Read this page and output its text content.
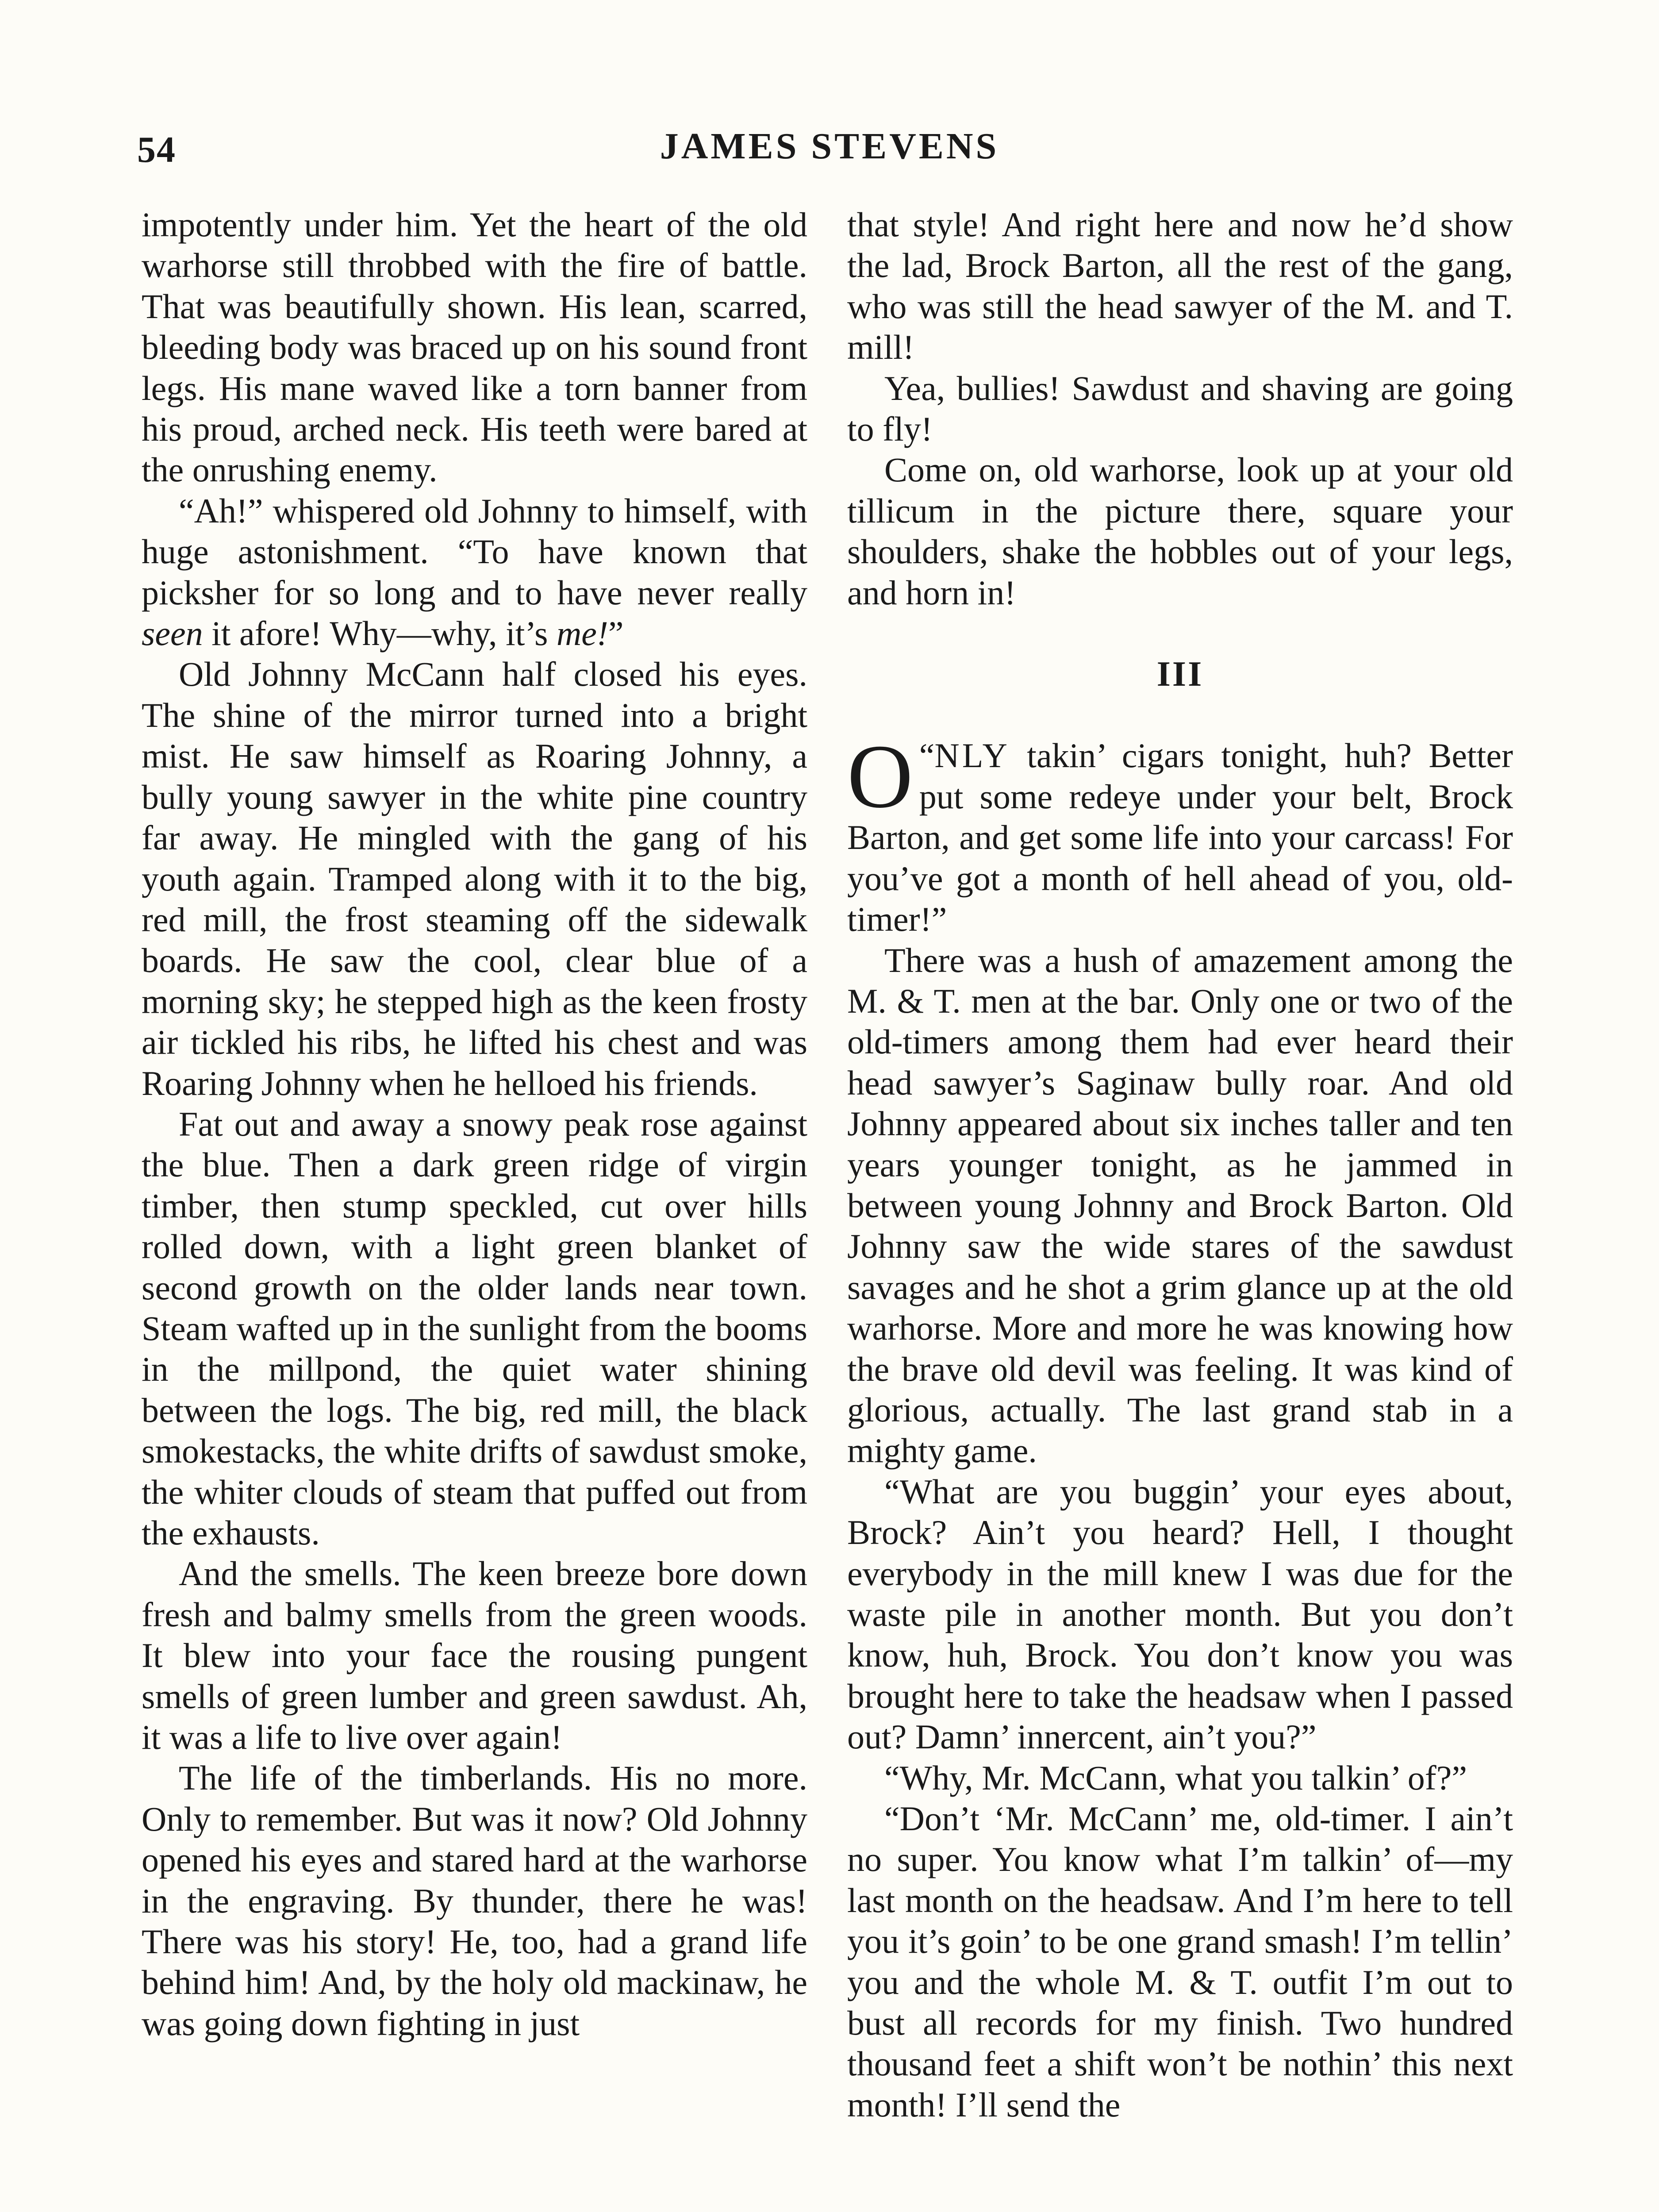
54	JAMES STEVENS

impotently under him. Yet the heart of the old warhorse still throbbed with the fire of battle. That was beautifully shown. His lean, scarred, bleeding body was braced up on his sound front legs. His mane waved like a torn banner from his proud, arched neck. His teeth were bared at the onrushing enemy.

“Ah!” whispered old Johnny to himself, with huge astonishment. “To have known that picksher for so long and to have never really seen it afore! Why—why, it’s me!”

Old Johnny McCann half closed his eyes. The shine of the mirror turned into a bright mist. He saw himself as Roaring Johnny, a bully young sawyer in the white pine country far away. He mingled with the gang of his youth again. Tramped along with it to the big, red mill, the frost steaming off the sidewalk boards. He saw the cool, clear blue of a morning sky; he stepped high as the keen frosty air tickled his ribs, he lifted his chest and was Roaring Johnny when he helloed his friends.

Fat out and away a snowy peak rose against the blue. Then a dark green ridge of virgin timber, then stump speckled, cut over hills rolled down, with a light green blanket of second growth on the older lands near town. Steam wafted up in the sunlight from the booms in the millpond, the quiet water shining between the logs. The big, red mill, the black smokestacks, the white drifts of sawdust smoke, the whiter clouds of steam that puffed out from the exhausts.

And the smells. The keen breeze bore down fresh and balmy smells from the green woods. It blew into your face the rousing pungent smells of green lumber and green sawdust. Ah, it was a life to live over again!

The life of the timberlands. His no more. Only to remember. But was it now? Old Johnny opened his eyes and stared hard at the warhorse in the engraving. By thunder, there he was! There was his story! He, too, had a grand life behind him! And, by the holy old mackinaw, he was going down fighting in just

that style! And right here and now he’d show the lad, Brock Barton, all the rest of the gang, who was still the head sawyer of the M. and T. mill!

Yea, bullies! Sawdust and shaving are going to fly!

Come on, old warhorse, look up at your old tillicum in the picture there, square your shoulders, shake the hobbles out of your legs, and horn in!

III

“
O NLY takin’ cigars tonight, huh? Better put some redeye under your belt, Brock Barton, and get some life into your carcass! For you’ve got a month of hell ahead of you, old-timer!”

There was a hush of amazement among the M. & T. men at the bar. Only one or two of the old-timers among them had ever heard their head sawyer’s Saginaw bully roar. And old Johnny appeared about six inches taller and ten years younger tonight, as he jammed in between young Johnny and Brock Barton. Old Johnny saw the wide stares of the sawdust savages and he shot a grim glance up at the old warhorse. More and more he was knowing how the brave old devil was feeling. It was kind of glorious, actually. The last grand stab in a mighty game.

“What are you buggin’ your eyes about, Brock? Ain’t you heard? Hell, I thought everybody in the mill knew I was due for the waste pile in another month. But you don’t know, huh, Brock. You don’t know you was brought here to take the headsaw when I passed out? Damn’ innercent, ain’t you?”

“Why, Mr. McCann, what you talkin’ of?”

“Don’t ‘Mr. McCann’ me, old-timer. I ain’t no super. You know what I’m talkin’ of—my last month on the headsaw. And I’m here to tell you it’s goin’ to be one grand smash! I’m tellin’ you and the whole M. & T. outfit I’m out to bust all records for my finish. Two hundred thousand feet a shift won’t be nothin’ this next month! I’ll send the
